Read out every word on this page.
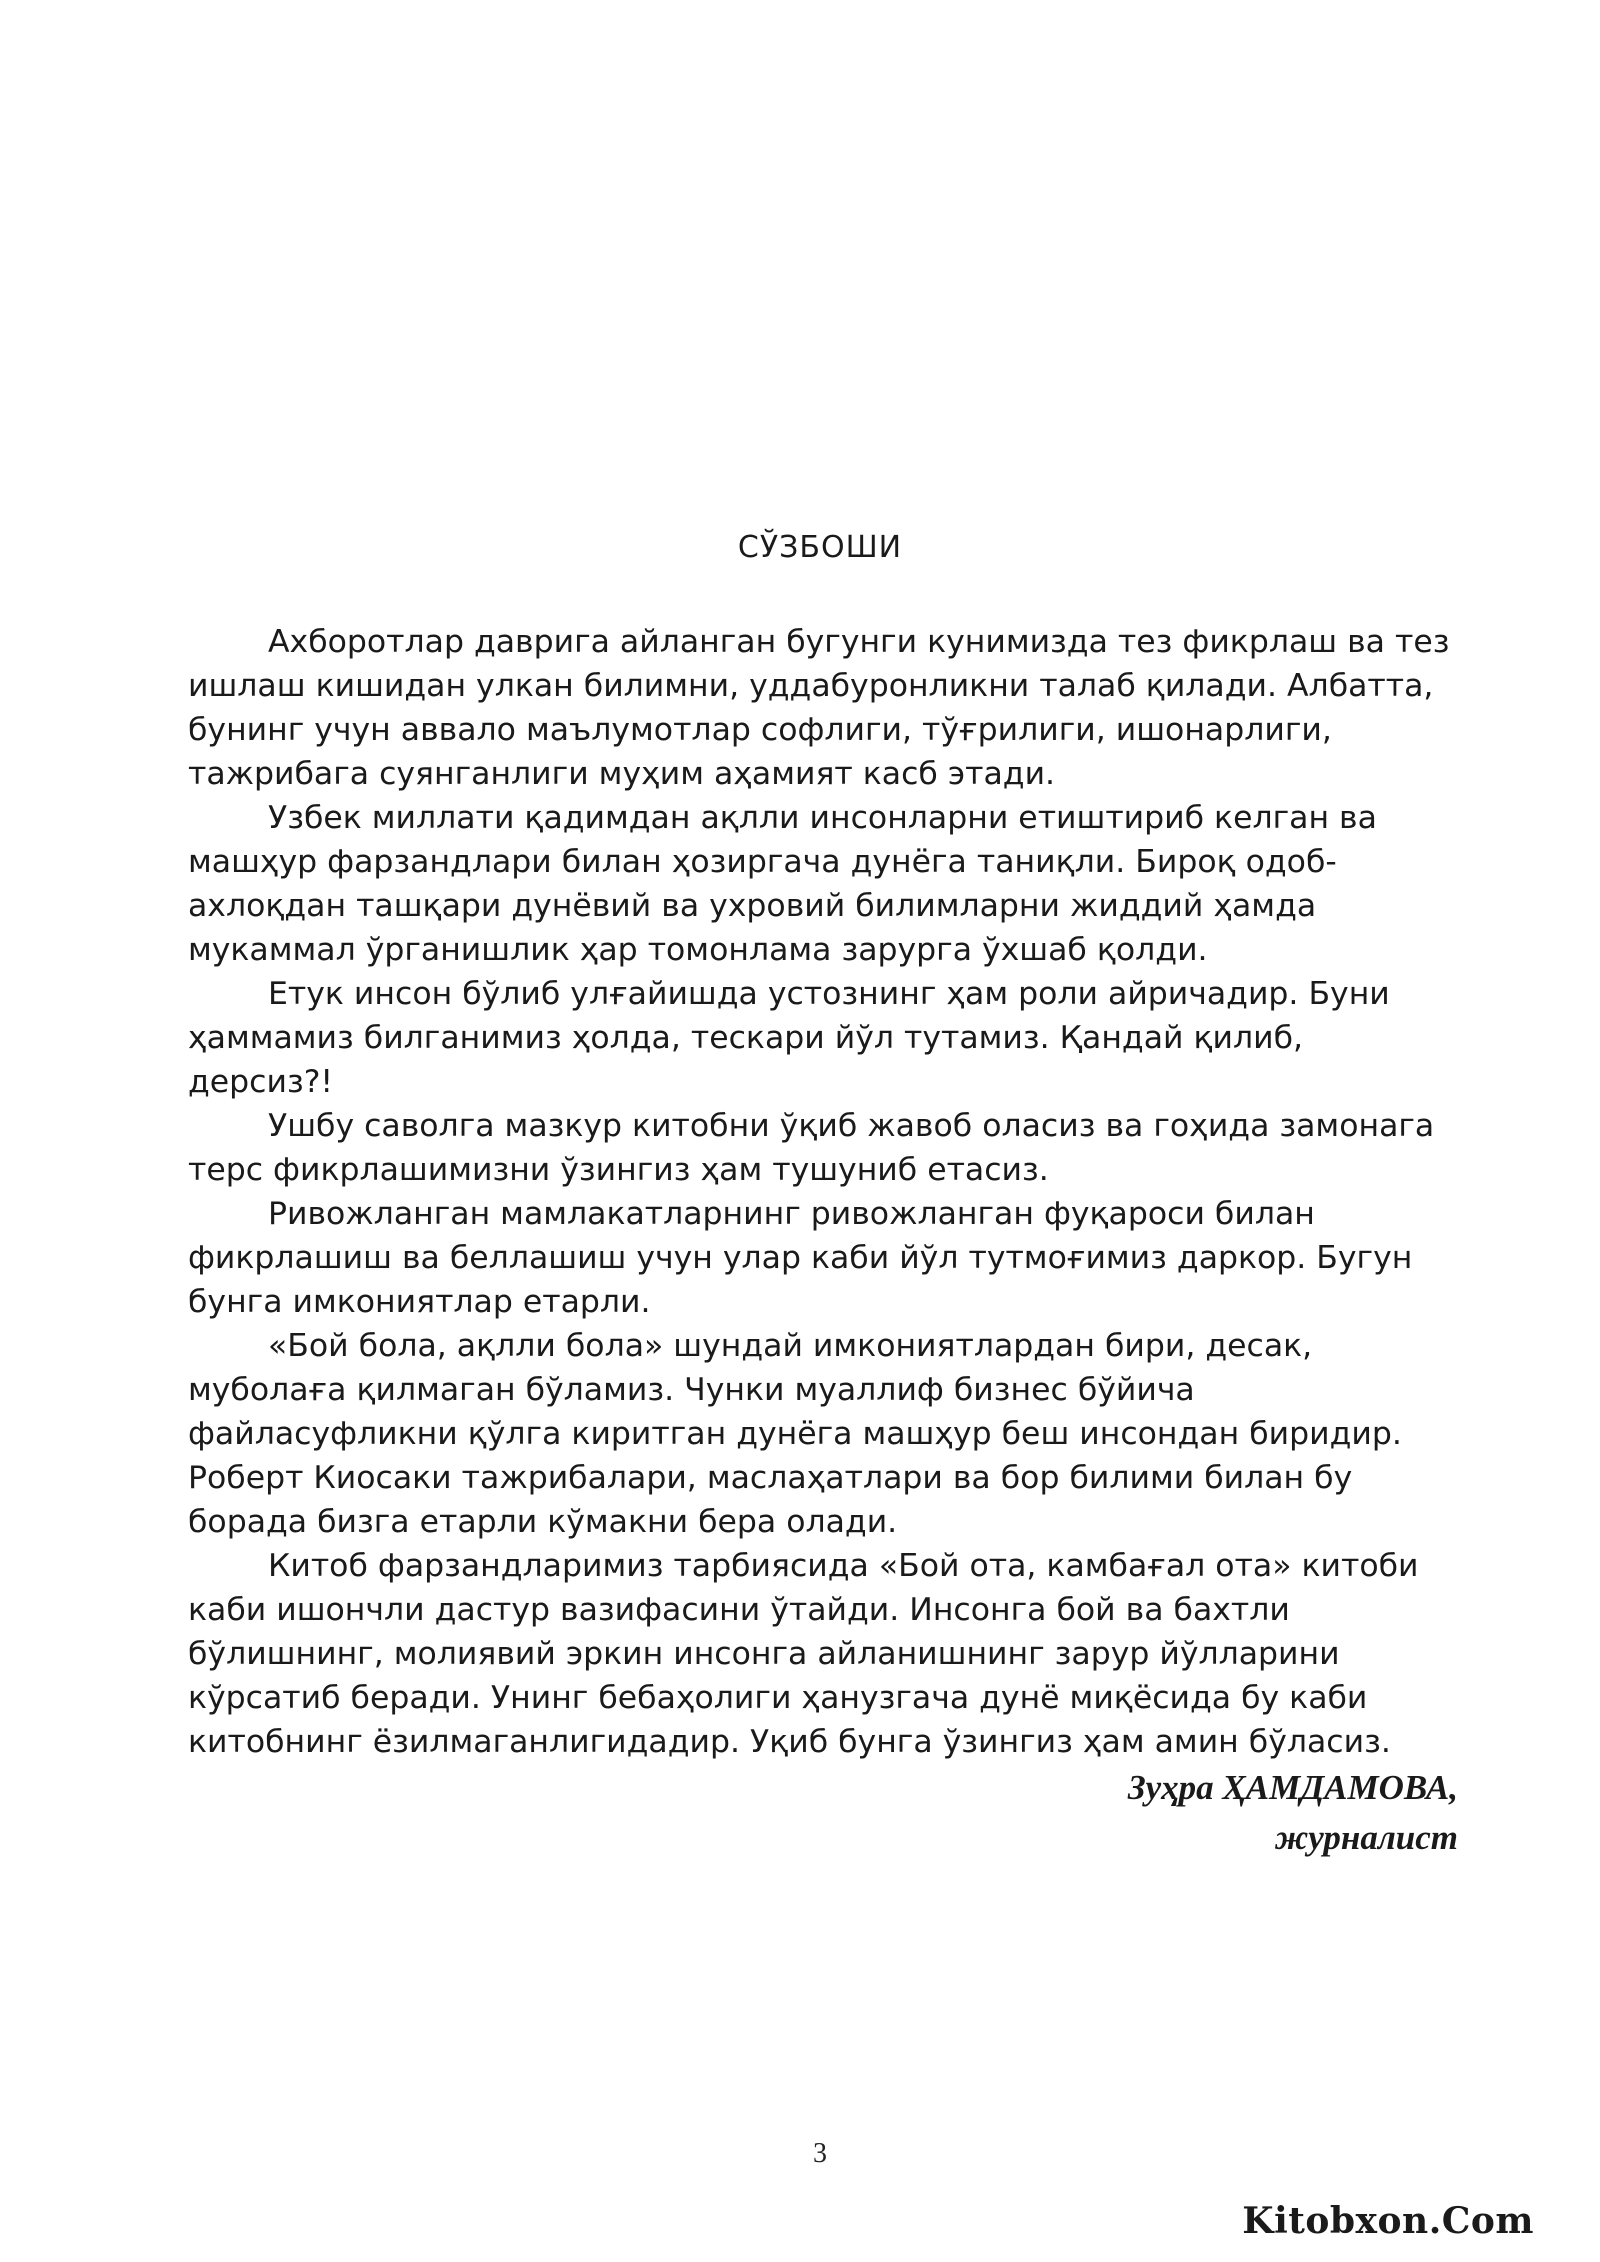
СЎЗБОШИ

Ахборотлар даврига айланган бугунги кунимизда тез фикрлаш ва тез ишлаш кишидан улкан билимни, уддабуронликни талаб қилади. Албатта, бунинг учун аввало маълумотлар софлиги, тўғрилиги, ишонарлиги, тажрибага суянганлиги муҳим аҳамият касб этади.

Узбек миллати қадимдан ақлли инсонларни етиштириб келган ва машҳур фарзандлари билан ҳозиргача дунёга таниқли. Бироқ одоб- ахлоқдан ташқари дунёвий ва ухровий билимларни жиддий ҳамда мукаммал ўрганишлик ҳар томонлама зарурга ўхшаб қолди.

Етук инсон бўлиб улғайишда устознинг ҳам роли айричадир. Буни ҳаммамиз билганимиз ҳолда, тескари йўл тутамиз. Қандай қилиб, дерсиз?!

Ушбу саволга мазкур китобни ўқиб жавоб оласиз ва гоҳида замонага терс фикрлашимизни ўзингиз ҳам тушуниб етасиз.

Ривожланган мамлакатларнинг ривожланган фуқароси билан фикрлашиш ва беллашиш учун улар каби йўл тутмоғимиз даркор. Бугун бунга имкониятлар етарли.

«Бой бола, ақлли бола» шундай имкониятлардан бири, десак, муболаға қилмаган бўламиз. Чунки муаллиф бизнес бўйича файласуфликни қўлга киритган дунёга машҳур беш инсондан биридир. Роберт Киосаки тажрибалари, маслаҳатлари ва бор билими билан бу борада бизга етарли кўмакни бера олади.

Китоб фарзандларимиз тарбиясида «Бой ота, камбағал ота» китоби каби ишончли дастур вазифасини ўтайди. Инсонга бой ва бахтли бўлишнинг, молиявий эркин инсонга айланишнинг зарур йўлларини кўрсатиб беради. Унинг бебаҳолиги ҳанузгача дунё миқёсида бу каби китобнинг ёзилмаганлигидадир. Уқиб бунга ўзингиз ҳам амин бўласиз.

Зуҳра ҲАМДАМОВА,
журналист
3
Kitobxon.Com
